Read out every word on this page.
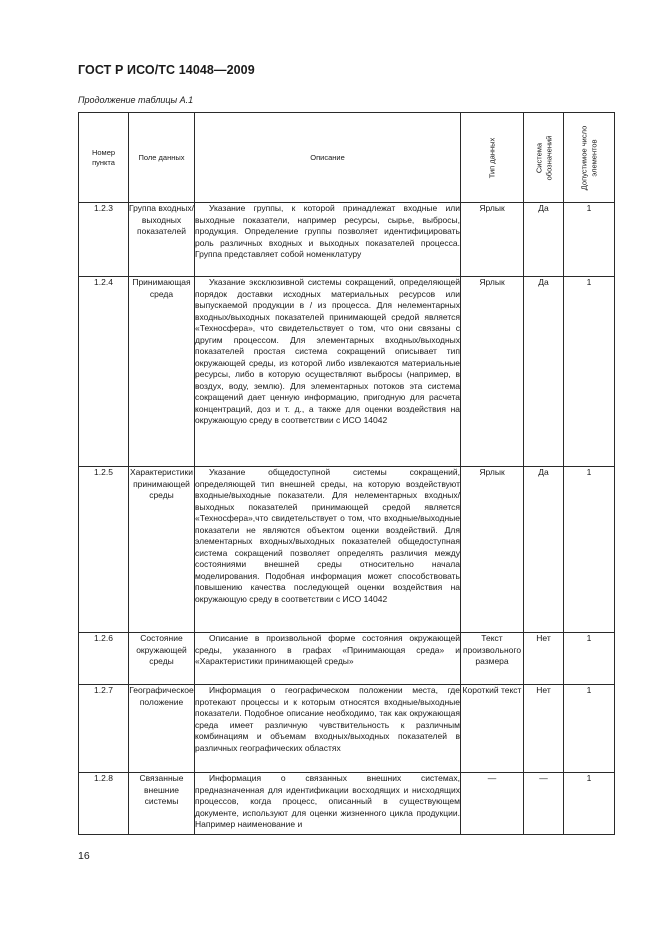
ГОСТ Р ИСО/ТС 14048—2009
Продолжение таблицы А.1
Номер пункта	Поле данных	Описание	Тип данных	Система обозначений	Допустимое число элементов

1.2.3	Группа входных/ выходных показателей	Указание группы, к которой принадлежат входные или выходные показатели, например ресурсы, сырье, выбросы, продукция. Определение группы позволяет идентифицировать роль различных входных и выходных показателей процесса. Группа представляет собой номенклатуру	Ярлык	Да	1
1.2.4	Принимающая среда	Указание эксклюзивной системы сокращений, определяющей порядок доставки исходных материальных ресурсов или выпускаемой продукции в / из процесса. Для нелементарных входных/выходных показателей принимающей средой является «Техносфера», что свидетельствует о том, что они связаны с другим процессом. Для элементарных входных/выходных показателей простая система сокращений описывает тип окружающей среды, из которой либо извлекаются материальные ресурсы, либо в которую осуществляют выбросы (например, в воздух, воду, землю). Для элементарных потоков эта система сокращений дает ценную информацию, пригодную для расчета концентраций, доз и т. д., а также для оценки воздействия на окружающую среду в соответствии с ИСО 14042	Ярлык	Да	1
1.2.5	Характеристики принимающей среды	Указание общедоступной системы сокращений, определяющей тип внешней среды, на которую воздействуют входные/выходные показатели. Для нелементарных входных/выходных показателей принимающей средой является «Техносфера»,что свидетельствует о том, что входные/выходные показатели не являются объектом оценки воздействий. Для элементарных входных/выходных показателей общедоступная система сокращений позволяет определять различия между состояниями внешней среды относительно начала моделирования. Подобная информация может способствовать повышению качества последующей оценки воздействия на окружающую среду в соответствии с ИСО 14042	Ярлык	Да	1
1.2.6	Состояние окружающей среды	Описание в произвольной форме состояния окружающей среды, указанного в графах «Принимающая среда» и «Характеристики принимающей среды»	Текст произвольного размера	Нет	1
1.2.7	Географическое положение	Информация о географическом положении места, где протекают процессы и к которым относятся входные/выходные показатели. Подобное описание необходимо, так как окружающая среда имеет различную чувствительность к различным комбинациям и объемам входных/выходных показателей в различных географических областях	Короткий текст	Нет	1
1.2.8	Связанные внешние системы	Информация о связанных внешних системах, предназначенная для идентификации восходящих и нисходящих процессов, когда процесс, описанный в существующем документе, используют для оценки жизненного цикла продукции. Например наименование и	—	—	1
16
